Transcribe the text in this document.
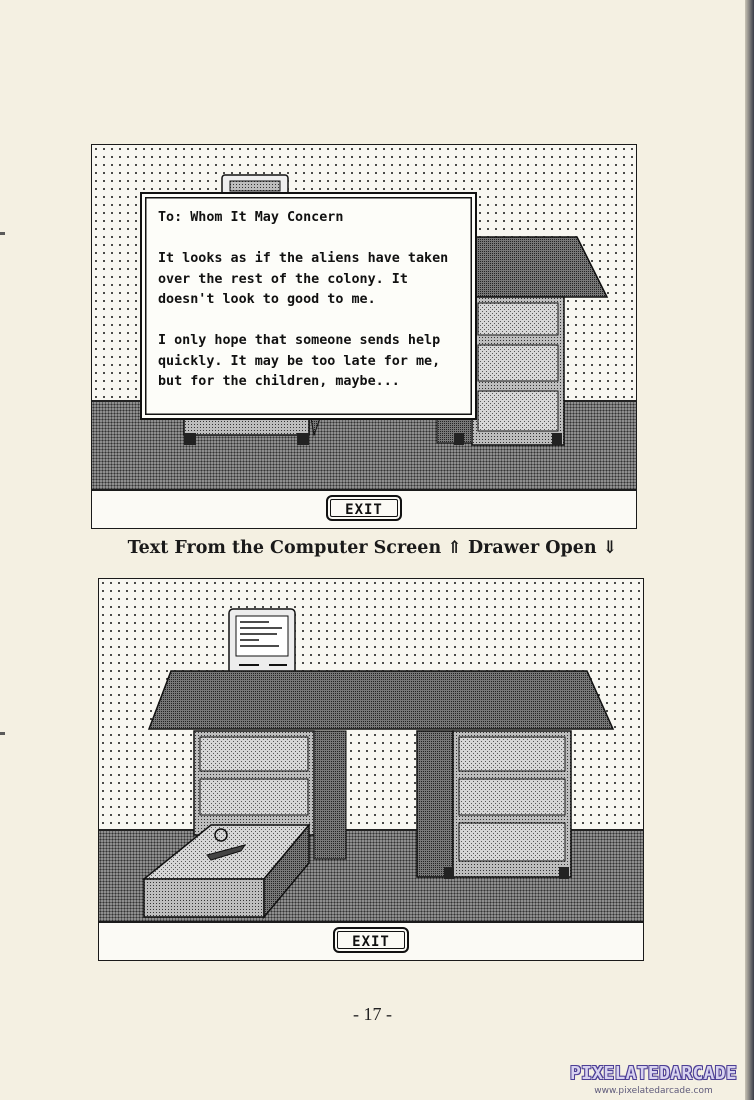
To: Whom It May Concern

It looks as if the aliens have taken over the rest of the colony. It doesn't look to good to me.

I only hope that someone sends help quickly. It may be too late for me, but for the children, maybe...
EXIT
Text From the Computer Screen ⇑ Drawer Open ⇓
EXIT
- 17 -
PIXELATEDARCADE
www.pixelatedarcade.com
